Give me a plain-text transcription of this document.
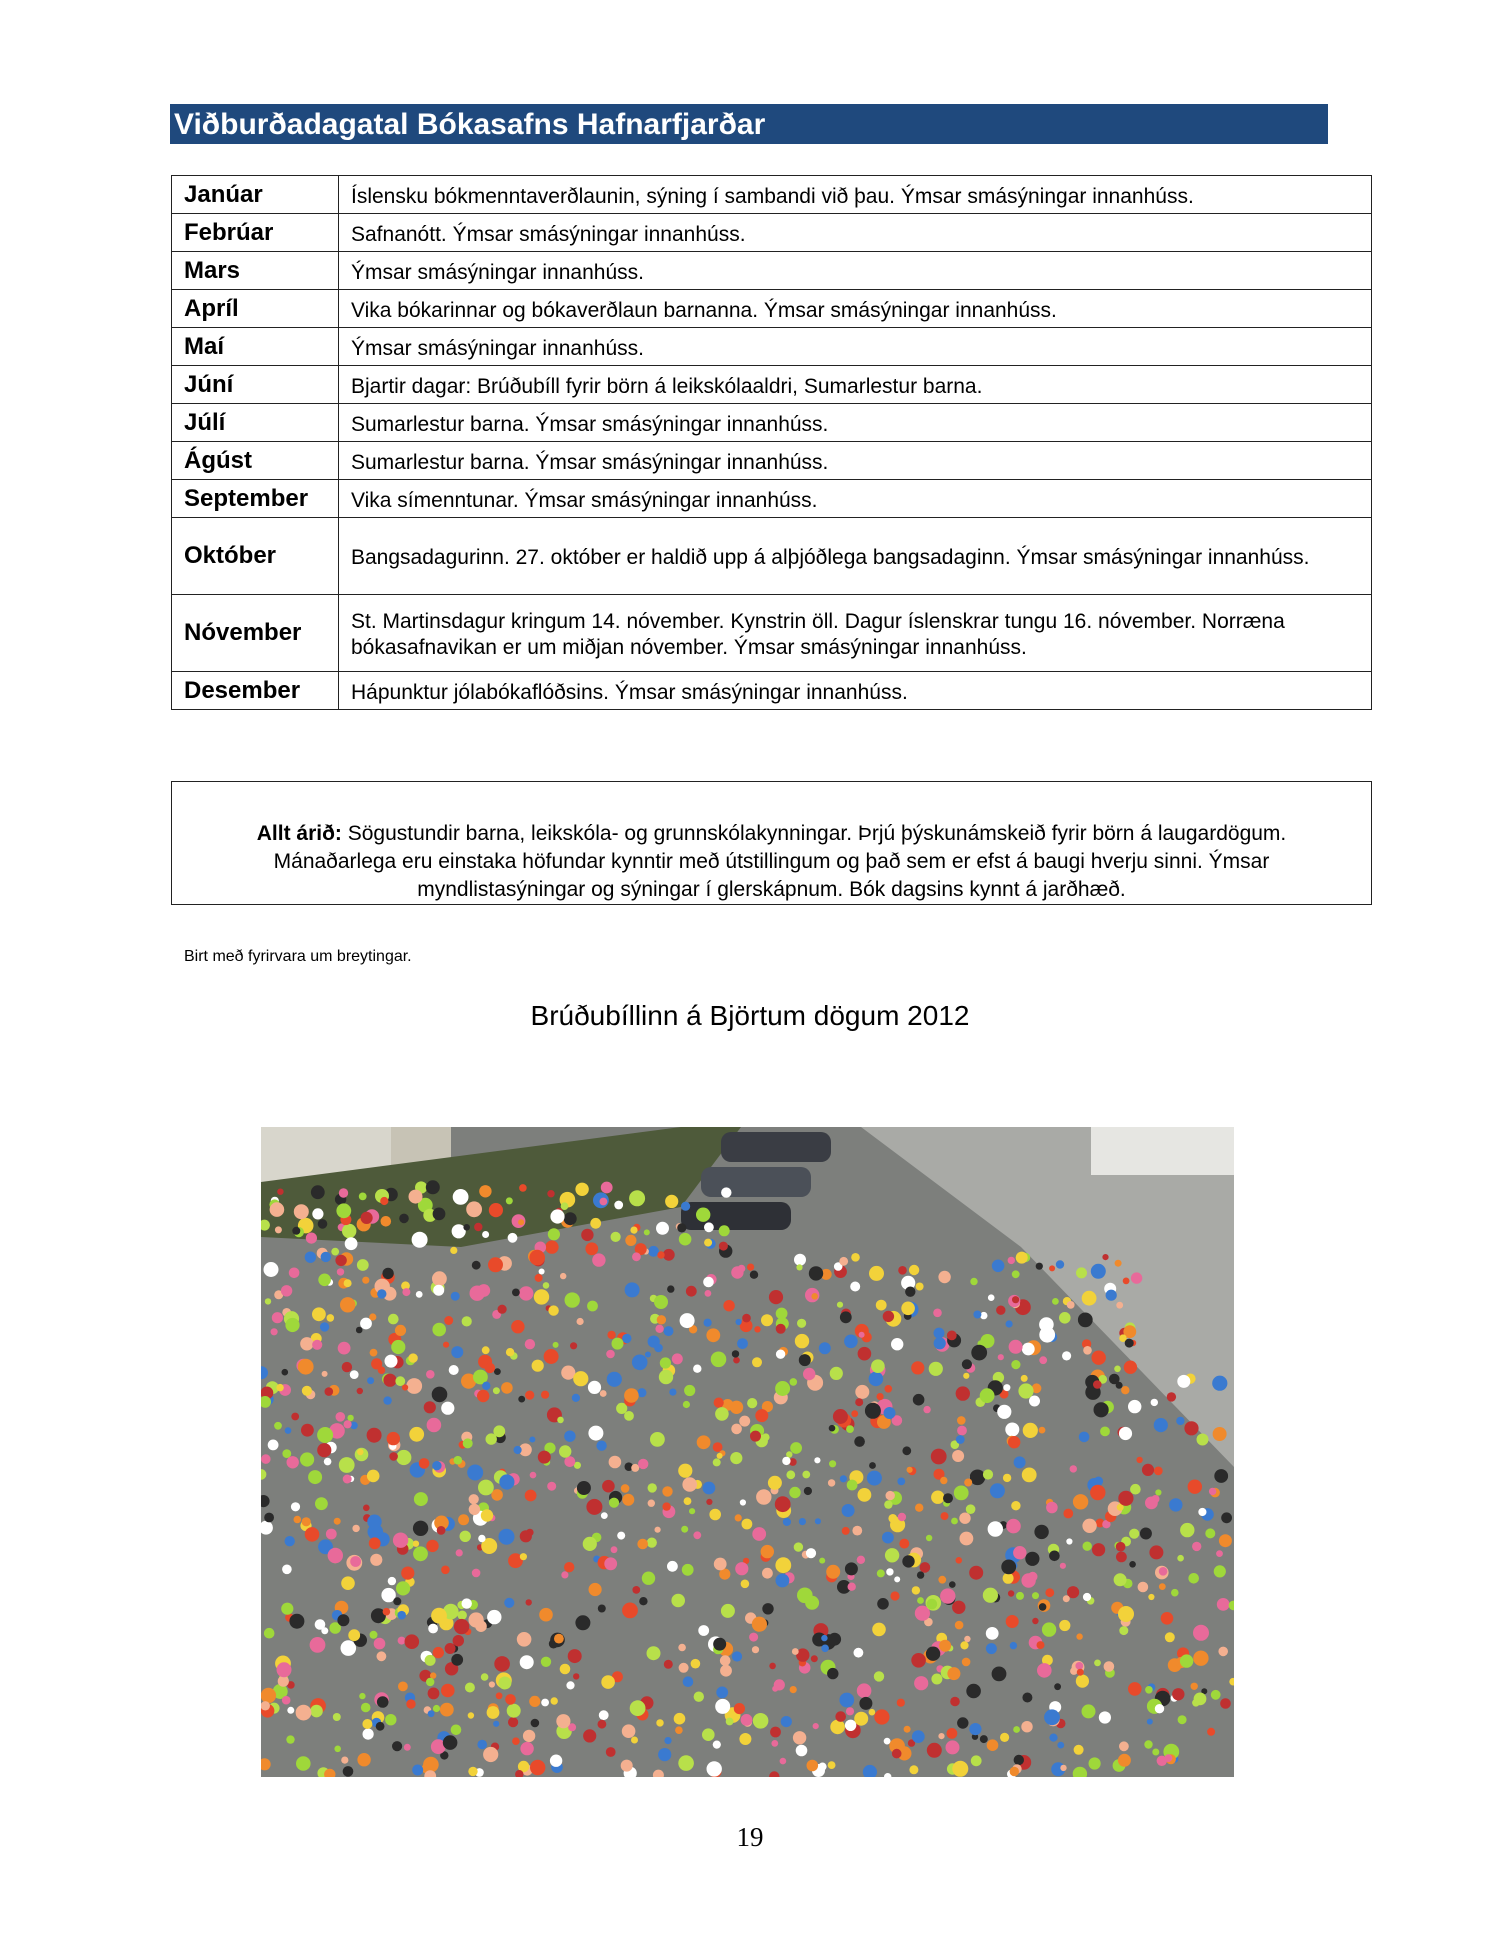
Viðburðadagatal Bókasafns Hafnarfjarðar
Janúar	Íslensku bókmenntaverðlaunin, sýning í sambandi við þau. Ýmsar smásýningar innanhúss.
Febrúar	Safnanótt. Ýmsar smásýningar innanhúss.
Mars	Ýmsar smásýningar innanhúss.
Apríl	Vika bókarinnar og bókaverðlaun barnanna. Ýmsar smásýningar innanhúss.
Maí	Ýmsar smásýningar innanhúss.
Júní	Bjartir dagar: Brúðubíll fyrir börn á leikskólaaldri, Sumarlestur barna.
Júlí	Sumarlestur barna. Ýmsar smásýningar innanhúss.
Ágúst	Sumarlestur barna. Ýmsar smásýningar innanhúss.
September	Vika símenntunar. Ýmsar smásýningar innanhúss.
Október	Bangsadagurinn. 27. október er haldið upp á alþjóðlega bangsadaginn. Ýmsar smásýningar innanhúss.
Nóvember	St. Martinsdagur kringum 14. nóvember. Kynstrin öll. Dagur íslenskrar tungu 16. nóvember. Norræna bókasafnavikan er um miðjan nóvember. Ýmsar smásýningar innanhúss.
Desember	Hápunktur jólabókaflóðsins. Ýmsar smásýningar innanhúss.
Allt árið: Sögustundir barna, leikskóla- og grunnskólakynningar. Þrjú þýskunámskeið fyrir börn á laugardögum. Mánaðarlega eru einstaka höfundar kynntir með útstillingum og það sem er efst á baugi hverju sinni. Ýmsar myndlistasýningar og sýningar í glerskápnum. Bók dagsins kynnt á jarðhæð.
Birt með fyrirvara um breytingar.
Brúðubíllinn á Björtum dögum 2012
19
